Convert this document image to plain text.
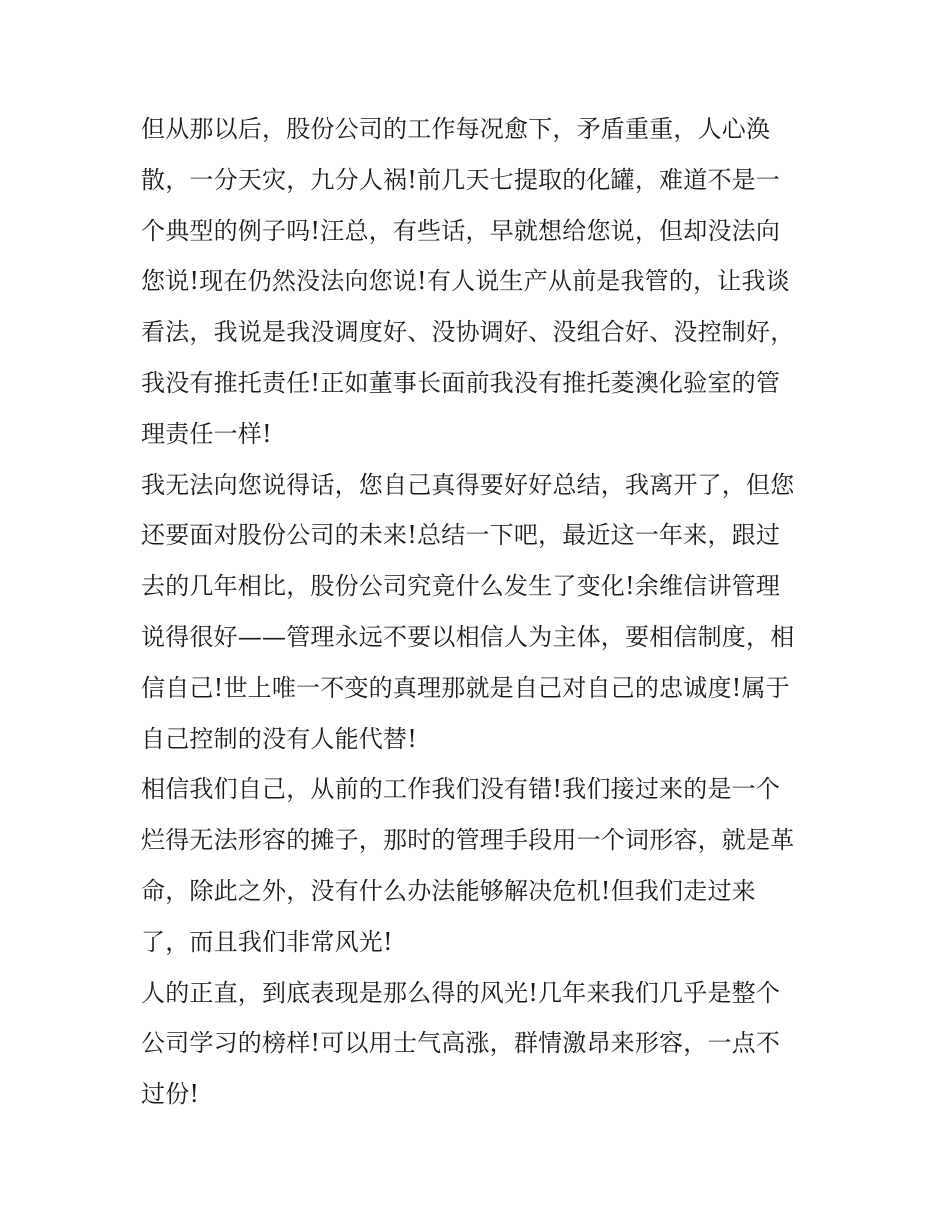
但从那以后，股份公司的工作每况愈下，矛盾重重，人心涣
散，一分天灾，九分人祸!前几天七提取的化罐，难道不是一
个典型的例子吗!汪总，有些话，早就想给您说，但却没法向
您说!现在仍然没法向您说!有人说生产从前是我管的，让我谈
看法，我说是我没调度好、没协调好、没组合好、没控制好，
我没有推托责任!正如董事长面前我没有推托菱澳化验室的管
理责任一样!
我无法向您说得话，您自己真得要好好总结，我离开了，但您
还要面对股份公司的未来!总结一下吧，最近这一年来，跟过
去的几年相比，股份公司究竟什么发生了变化!余维信讲管理
说得很好——管理永远不要以相信人为主体，要相信制度，相
信自己!世上唯一不变的真理那就是自己对自己的忠诚度!属于
自己控制的没有人能代替!
相信我们自己，从前的工作我们没有错!我们接过来的是一个
烂得无法形容的摊子，那时的管理手段用一个词形容，就是革
命，除此之外，没有什么办法能够解决危机!但我们走过来
了，而且我们非常风光!
人的正直，到底表现是那么得的风光!几年来我们几乎是整个
公司学习的榜样!可以用士气高涨，群情激昂来形容，一点不
过份!
